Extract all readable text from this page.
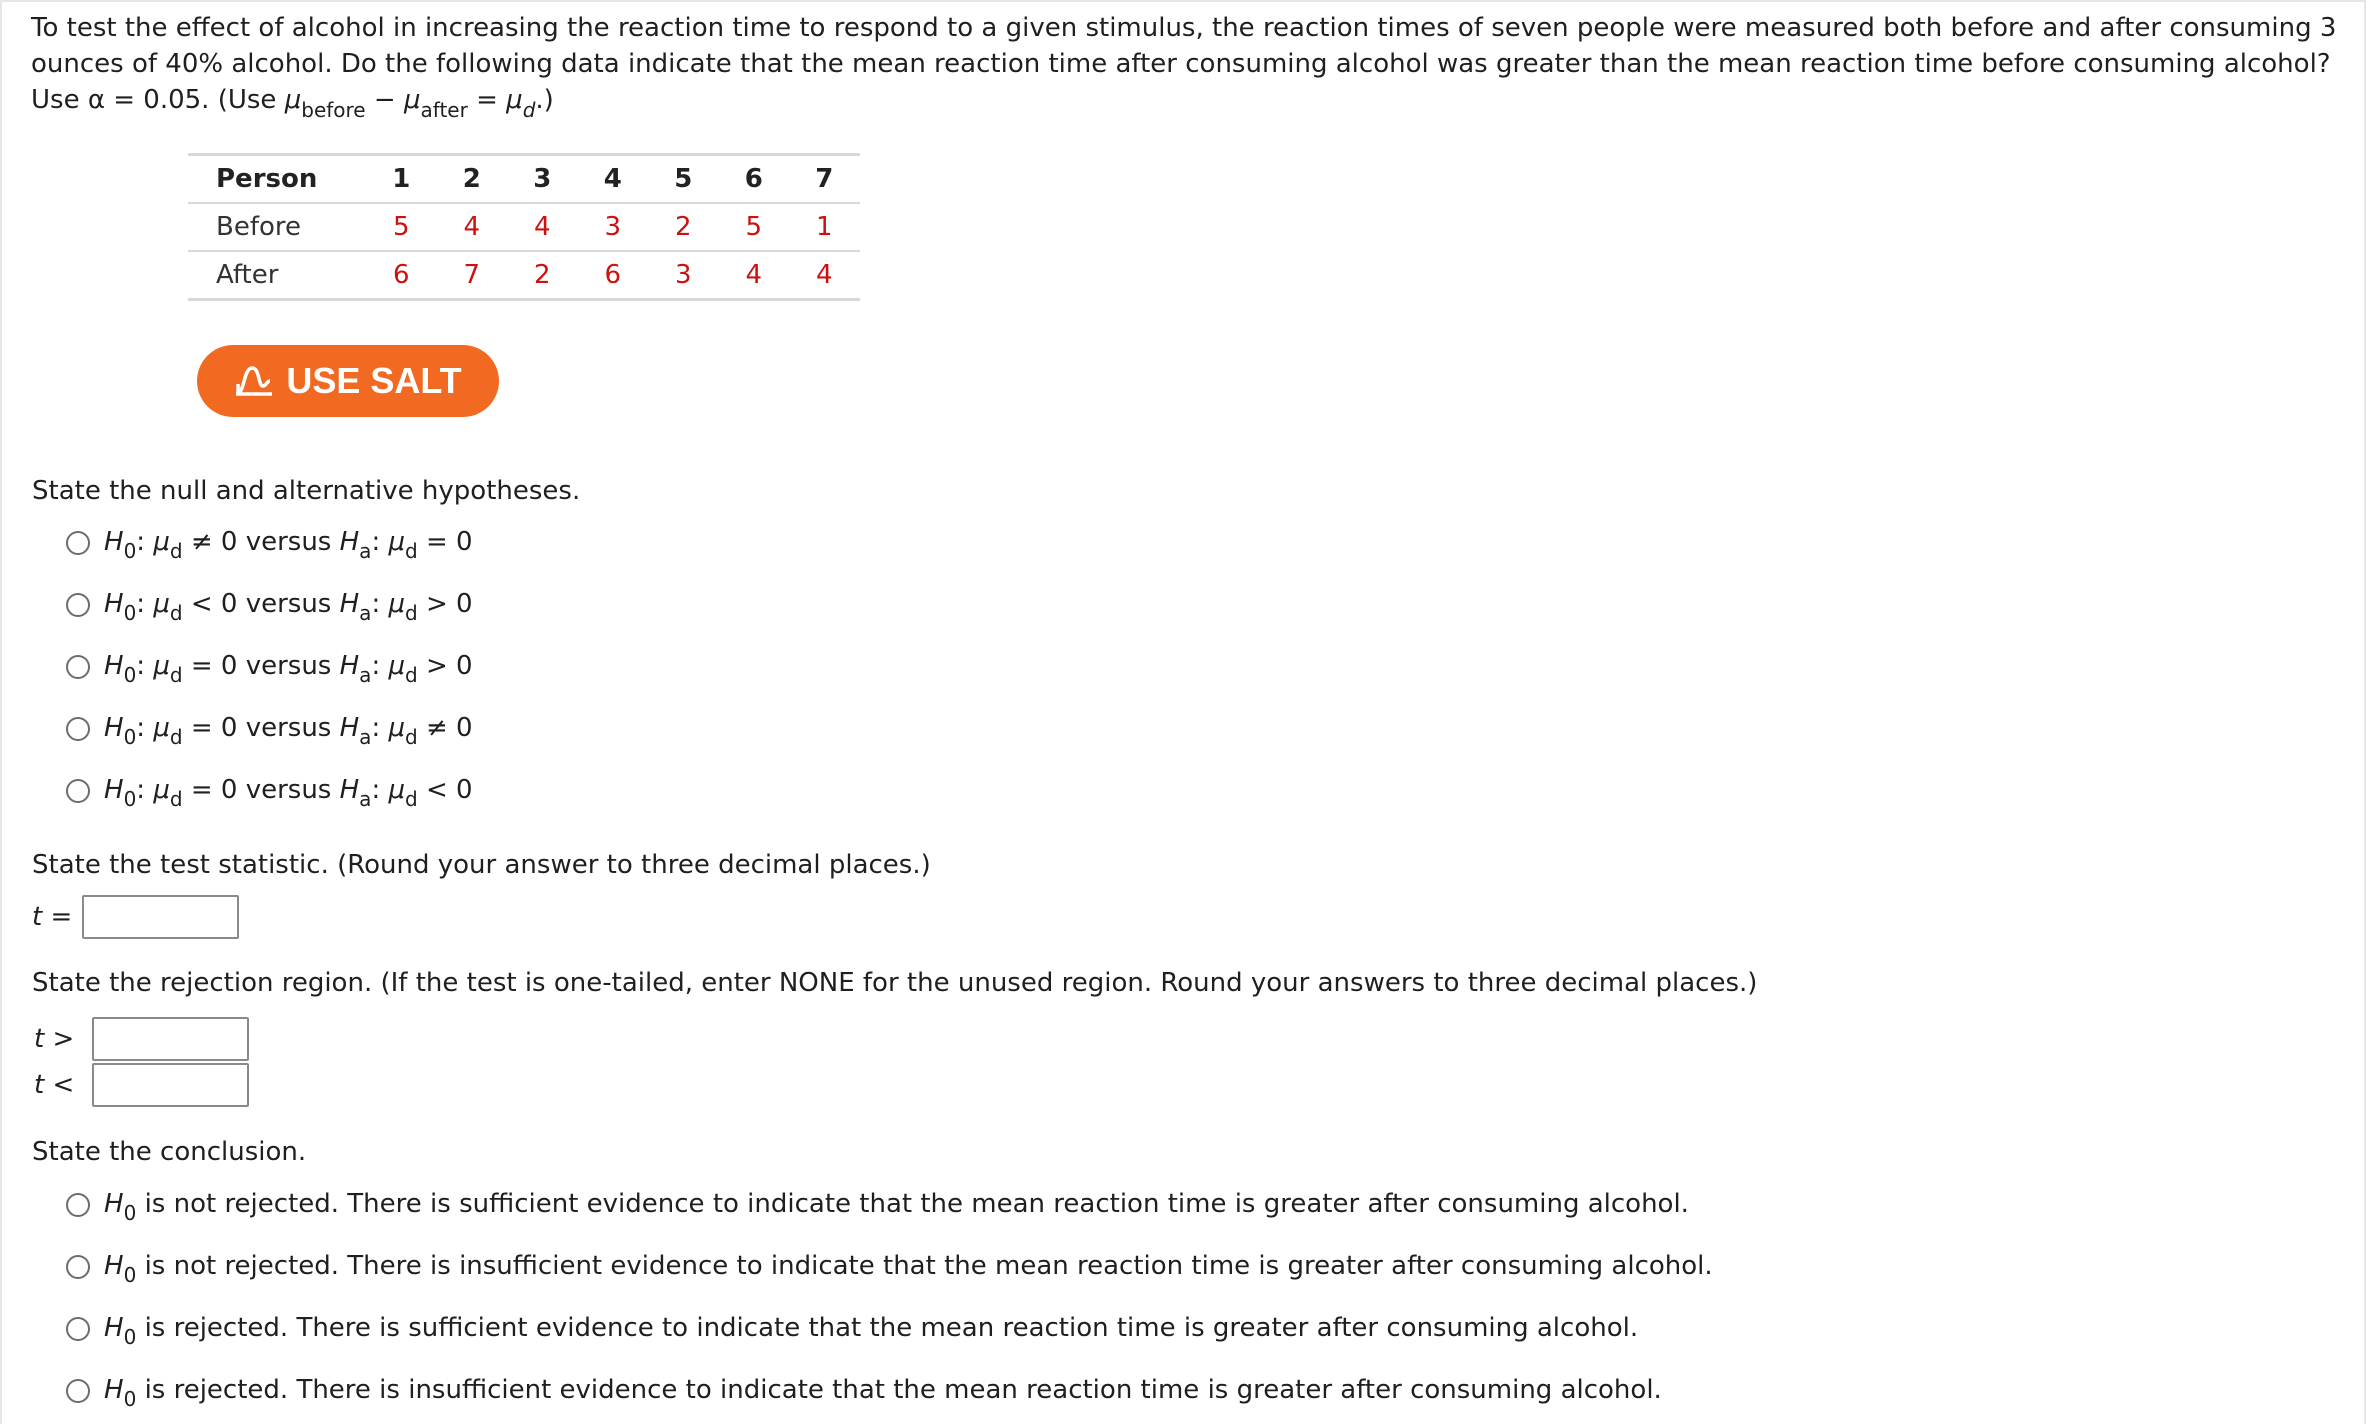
To test the effect of alcohol in increasing the reaction time to respond to a given stimulus, the reaction times of seven people were measured both before and after consuming 3
ounces of 40% alcohol. Do the following data indicate that the mean reaction time after consuming alcohol was greater than the mean reaction time before consuming alcohol?
Use α = 0.05. (Use $\mu_{before} - \mu_{after} = \mu_d$.)
Person	1	2	3	4	5	6	7
Before	5	4	4	3	2	5	1
After	6	7	2	6	3	4	4
USE SALT
State the null and alternative hypotheses.
$H_0$: $\mu_d \ne 0$ versus $H_a$: $\mu_d = 0$
$H_0$: $\mu_d < 0$ versus $H_a$: $\mu_d > 0$
$H_0$: $\mu_d = 0$ versus $H_a$: $\mu_d > 0$
$H_0$: $\mu_d = 0$ versus $H_a$: $\mu_d \ne 0$
$H_0$: $\mu_d = 0$ versus $H_a$: $\mu_d < 0$
State the test statistic. (Round your answer to three decimal places.)
t =
State the rejection region. (If the test is one-tailed, enter NONE for the unused region. Round your answers to three decimal places.)
t >
t <
State the conclusion.
$H_0$ is not rejected. There is sufficient evidence to indicate that the mean reaction time is greater after consuming alcohol.
$H_0$ is not rejected. There is insufficient evidence to indicate that the mean reaction time is greater after consuming alcohol.
$H_0$ is rejected. There is sufficient evidence to indicate that the mean reaction time is greater after consuming alcohol.
$H_0$ is rejected. There is insufficient evidence to indicate that the mean reaction time is greater after consuming alcohol.
